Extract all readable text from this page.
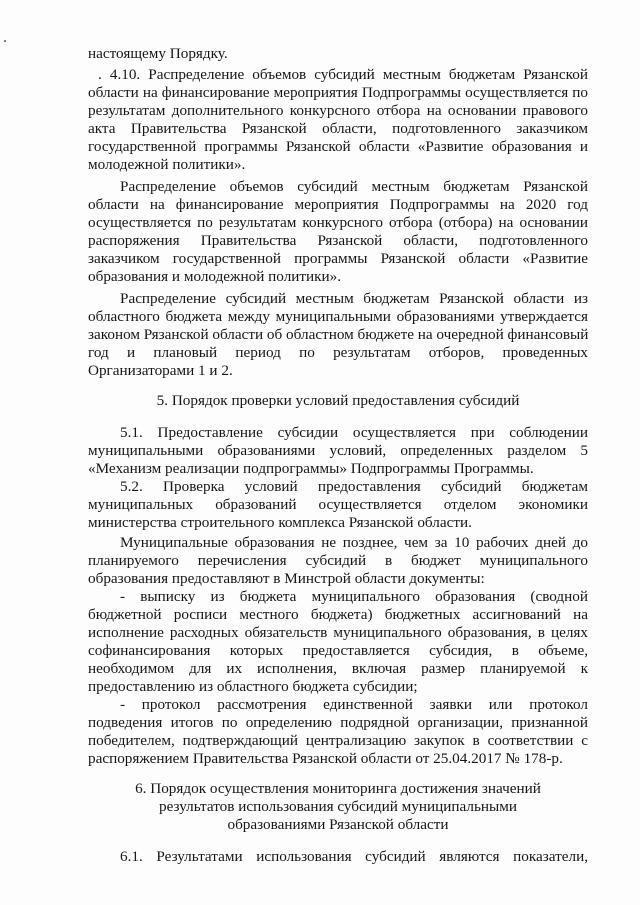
настоящему Порядку.
. 4.10. Распределение объемов субсидий местным бюджетам Рязанской
области на финансирование мероприятия Подпрограммы осуществляется по
результатам дополнительного конкурсного отбора на основании правового
акта Правительства Рязанской области, подготовленного заказчиком
государственной программы Рязанской области «Развитие образования и
молодежной политики».
Распределение объемов субсидий местным бюджетам Рязанской
области на финансирование мероприятия Подпрограммы на 2020 год
осуществляется по результатам конкурсного отбора (отбора) на основании
распоряжения Правительства Рязанской области, подготовленного
заказчиком государственной программы Рязанской области «Развитие
образования и молодежной политики».
Распределение субсидий местным бюджетам Рязанской области из
областного бюджета между муниципальными образованиями утверждается
законом Рязанской области об областном бюджете на очередной финансовый
год и плановый период по результатам отборов, проведенных
Организаторами 1 и 2.
5. Порядок проверки условий предоставления субсидий
5.1. Предоставление субсидии осуществляется при соблюдении
муниципальными образованиями условий, определенных разделом 5
«Механизм реализации подпрограммы» Подпрограммы Программы.
5.2. Проверка условий предоставления субсидий бюджетам
муниципальных образований осуществляется отделом экономики
министерства строительного комплекса Рязанской области.
Муниципальные образования не позднее, чем за 10 рабочих дней до
планируемого перечисления субсидий в бюджет муниципального
образования предоставляют в Минстрой области документы:
- выписку из бюджета муниципального образования (сводной
бюджетной росписи местного бюджета) бюджетных ассигнований на
исполнение расходных обязательств муниципального образования, в целях
софинансирования которых предоставляется субсидия, в объеме,
необходимом для их исполнения, включая размер планируемой к
предоставлению из областного бюджета субсидии;
- протокол рассмотрения единственной заявки или протокол
подведения итогов по определению подрядной организации, признанной
победителем, подтверждающий централизацию закупок в соответствии с
распоряжением Правительства Рязанской области от 25.04.2017 № 178-р.
6. Порядок осуществления мониторинга достижения значений
результатов использования субсидий муниципальными
образованиями Рязанской области
6.1. Результатами использования субсидий являются показатели,
